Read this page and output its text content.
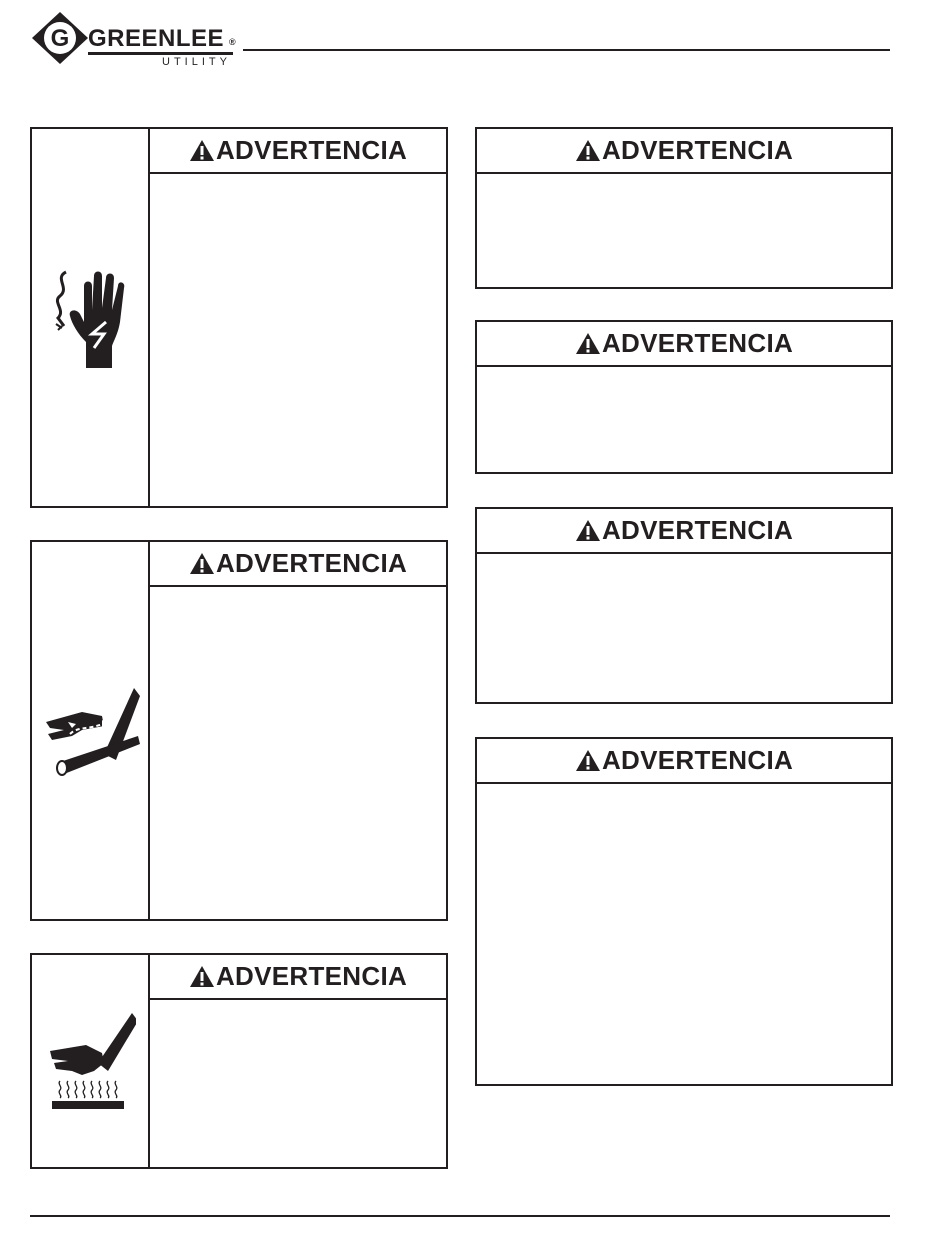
G GREENLEE ®
UTILITY
ADVERTENCIA
ADVERTENCIA
ADVERTENCIA
ADVERTENCIA
ADVERTENCIA
ADVERTENCIA
ADVERTENCIA
